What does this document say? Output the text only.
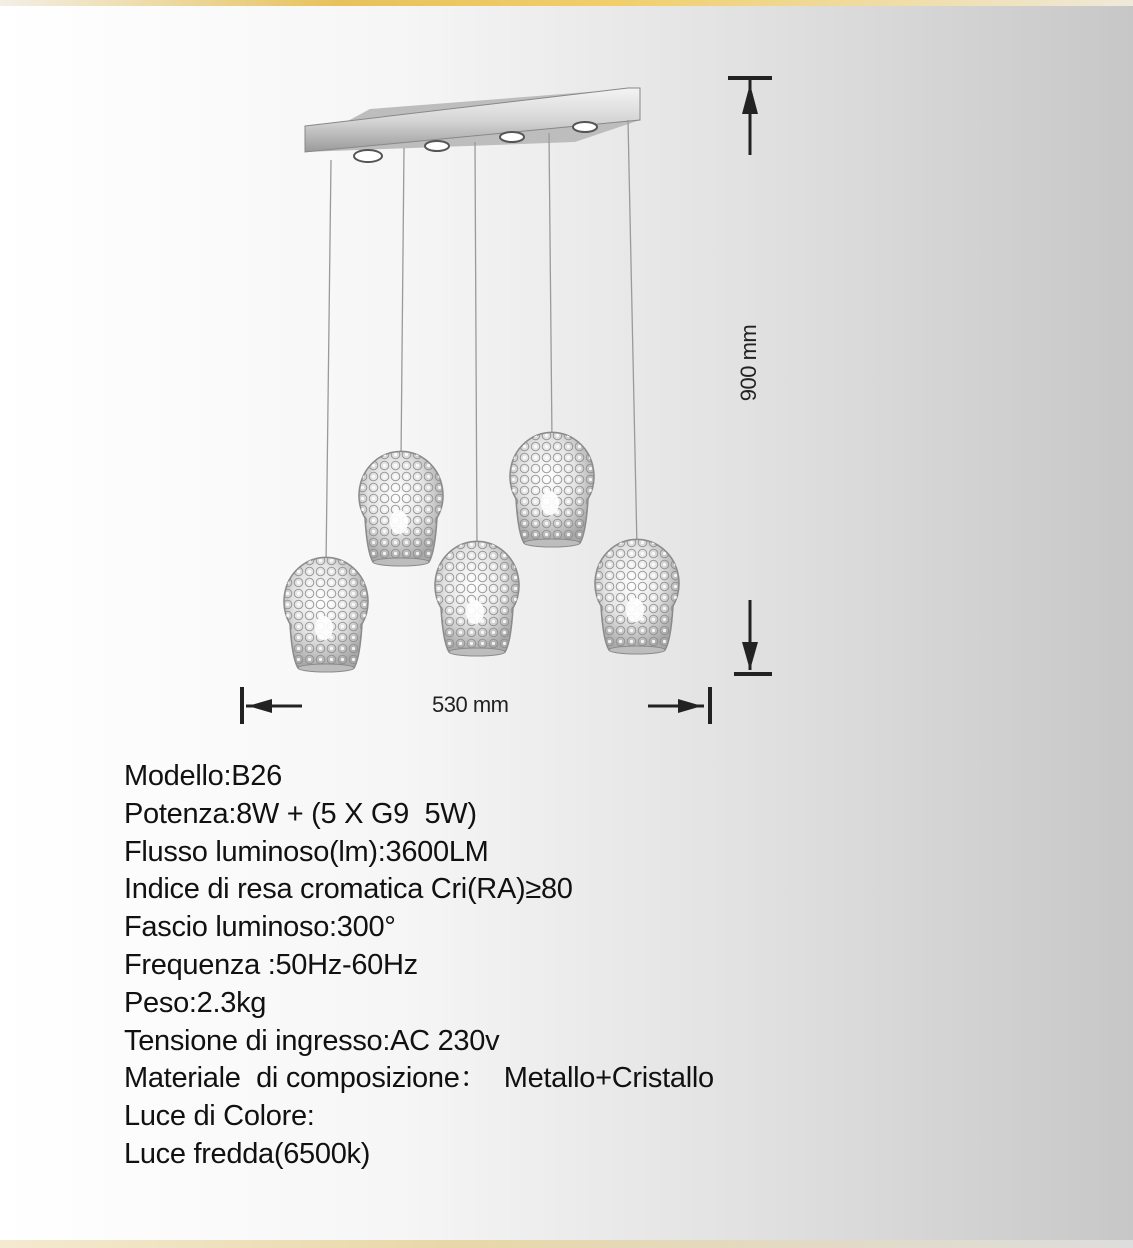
530 mm
900 mm
Modello:B26
Potenza:8W + (5 X G9  5W)
Flusso luminoso(lm):3600LM
Indice di resa cromatica Cri(RA)≥80
Fascio luminoso:300°
Frequenza :50Hz-60Hz
Peso:2.3kg
Tensione di ingresso:AC 230v
Materiale  di composizione：  Metallo+Cristallo
Luce di Colore:
Luce fredda(6500k)
